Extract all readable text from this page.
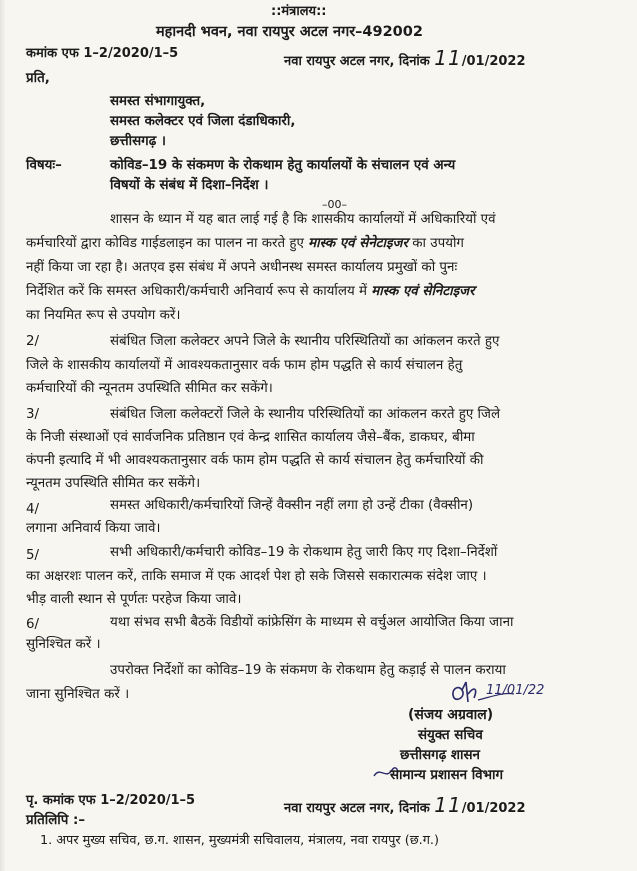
::मंत्रालय::
महानदी भवन, नवा रायपुर अटल नगर–492002
कमांक एफ 1–2/2020/1–5
नवा रायपुर अटल नगर, दिनांक 11/01/2022
प्रति,
समस्त संभागायुक्त,
समस्त कलेक्टर एवं जिला दंडाधिकारी,
छत्तीसगढ़ ।
विषयः–	कोविड–19 के संकमण के रोकथाम हेतु कार्यालयों के संचालन एवं अन्य
विषयों के संबंध में दिशा–निर्देश ।
–00–
शासन के ध्यान में यह बात लाई गई है कि शासकीय कार्यालयों में अधिकारियों एवं
कर्मचारियों द्वारा कोविड गाईडलाइन का पालन ना करते हुए मास्क एवं सेनेटाइजर का उपयोग
नहीं किया जा रहा है। अतएव इस संबंध में अपने अधीनस्थ समस्त कार्यालय प्रमुखों को पुनः
निर्देशित करें कि समस्त अधिकारी/कर्मचारी अनिवार्य रूप से कार्यालय में मास्क एवं सेनिटाइजर
का नियमित रूप से उपयोग करें।
2/	संबंधित जिला कलेक्टर अपने जिले के स्थानीय परिस्थितियों का आंकलन करते हुए
जिले के शासकीय कार्यालयों में आवश्यकतानुसार वर्क फाम होम पद्धति से कार्य संचालन हेतु
कर्मचारियों की न्यूनतम उपस्थिति सीमित कर सकेंगे।
3/	संबंधित जिला कलेक्टरों जिले के स्थानीय परिस्थितियों का आंकलन करते हुए जिले
के निजी संस्थाओं एवं सार्वजनिक प्रतिष्ठान एवं केन्द्र शासित कार्यालय जैसे–बैंक, डाकघर, बीमा
कंपनी इत्यादि में भी आवश्यकतानुसार वर्क फाम होम पद्धति से कार्य संचालन हेतु कर्मचारियों की
न्यूनतम उपस्थिति सीमित कर सकेंगे।
4/	समस्त अधिकारी/कर्मचारियों जिन्हें वैक्सीन नहीं लगा हो उन्हें टीका (वैक्सीन)
लगाना अनिवार्य किया जावे।
5/	सभी अधिकारी/कर्मचारी कोविड–19 के रोकथाम हेतु जारी किए गए दिशा–निर्देशों
का अक्षरशः पालन करें, ताकि समाज में एक आदर्श पेश हो सके जिससे सकारात्मक संदेश जाए ।
भीड़ वाली स्थान से पूर्णतः परहेज किया जावे।
6/	यथा संभव सभी बैठकें विडीयों कांफ्रेसिंग के माध्यम से वर्चुअल आयोजित किया जाना
सुनिश्चित करें ।
उपरोक्त निर्देशों का कोविड–19 के संकमण के रोकथाम हेतु कड़ाई से पालन कराया
जाना सुनिश्चित करें ।	11/01/22
(संजय अग्रवाल)
संयुक्त सचिव
छत्तीसगढ़ शासन
सामान्य प्रशासन विभाग
पृ. कमांक एफ 1–2/2020/1–5
नवा रायपुर अटल नगर, दिनांक 11/01/2022
प्रतिलिपि :–
1. अपर मुख्य सचिव, छ.ग. शासन, मुख्यमंत्री सचिवालय, मंत्रालय, नवा रायपुर (छ.ग.)
